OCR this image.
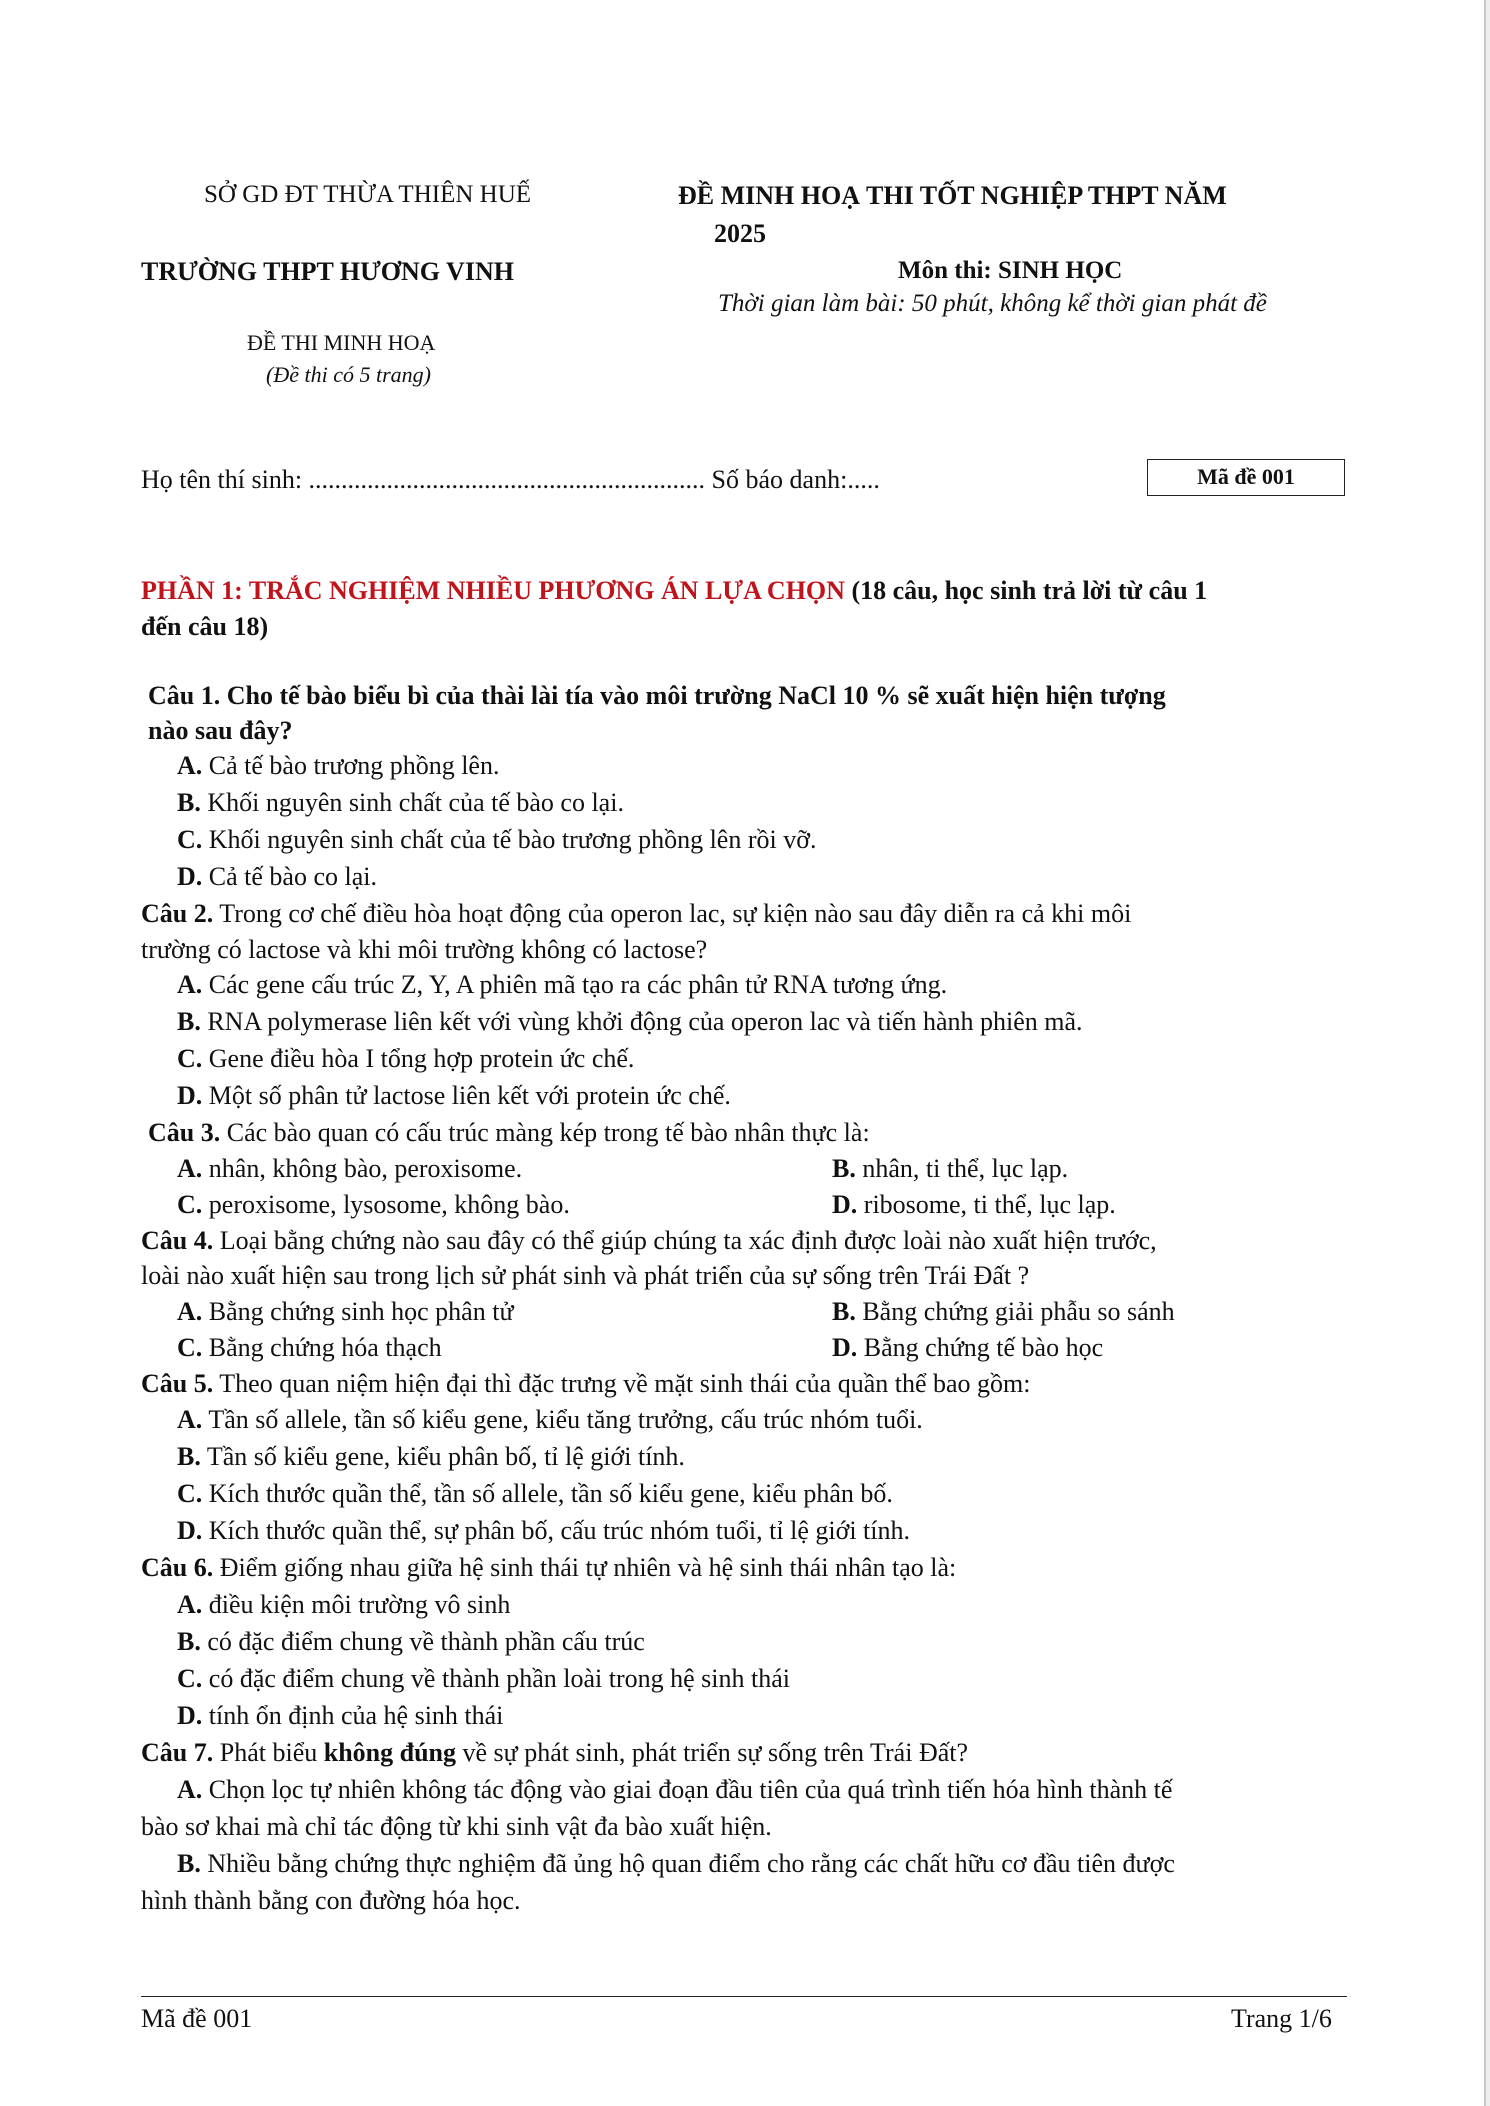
SỞ GD ĐT THỪA THIÊN HUẾ
TRƯỜNG THPT HƯƠNG VINH
ĐỀ THI MINH HOẠ
(Đề thi có 5 trang)
ĐỀ MINH HOẠ THI TỐT NGHIỆP THPT NĂM
2025
Môn thi: SINH HỌC
Thời gian làm bài: 50 phút, không kể thời gian phát đề
Họ tên thí sinh: ............................................................. Số báo danh:.....	Mã đề 001
PHẦN 1: TRẮC NGHIỆM NHIỀU PHƯƠNG ÁN LỰA CHỌN (18 câu, học sinh trả lời từ câu 1
đến câu 18)
Câu 1. Cho tế bào biểu bì của thài lài tía vào môi trường NaCl 10 % sẽ xuất hiện hiện tượng
nào sau đây?
A. Cả tế bào trương phồng lên.
B. Khối nguyên sinh chất của tế bào co lại.
C. Khối nguyên sinh chất của tế bào trương phồng lên rồi vỡ.
D. Cả tế bào co lại.
Câu 2. Trong cơ chế điều hòa hoạt động của operon lac, sự kiện nào sau đây diễn ra cả khi môi
trường có lactose và khi môi trường không có lactose?
A. Các gene cấu trúc Z, Y, A phiên mã tạo ra các phân tử RNA tương ứng.
B. RNA polymerase liên kết với vùng khởi động của operon lac và tiến hành phiên mã.
C. Gene điều hòa I tổng hợp protein ức chế.
D. Một số phân tử lactose liên kết với protein ức chế.
Câu 3. Các bào quan có cấu trúc màng kép trong tế bào nhân thực là:
A. nhân, không bào, peroxisome.	B. nhân, ti thể, lục lạp.
C. peroxisome, lysosome, không bào.	D. ribosome, ti thể, lục lạp.
Câu 4. Loại bằng chứng nào sau đây có thể giúp chúng ta xác định được loài nào xuất hiện trước,
loài nào xuất hiện sau trong lịch sử phát sinh và phát triển của sự sống trên Trái Đất ?
A. Bằng chứng sinh học phân tử	B. Bằng chứng giải phẫu so sánh
C. Bằng chứng hóa thạch	D. Bằng chứng tế bào học
Câu 5. Theo quan niệm hiện đại thì đặc trưng về mặt sinh thái của quần thể bao gồm:
A. Tần số allele, tần số kiểu gene, kiểu tăng trưởng, cấu trúc nhóm tuổi.
B. Tần số kiểu gene, kiểu phân bố, tỉ lệ giới tính.
C. Kích thước quần thể, tần số allele, tần số kiểu gene, kiểu phân bố.
D. Kích thước quần thể, sự phân bố, cấu trúc nhóm tuổi, tỉ lệ giới tính.
Câu 6. Điểm giống nhau giữa hệ sinh thái tự nhiên và hệ sinh thái nhân tạo là:
A. điều kiện môi trường vô sinh
B. có đặc điểm chung về thành phần cấu trúc
C. có đặc điểm chung về thành phần loài trong hệ sinh thái
D. tính ổn định của hệ sinh thái
Câu 7. Phát biểu không đúng về sự phát sinh, phát triển sự sống trên Trái Đất?
A. Chọn lọc tự nhiên không tác động vào giai đoạn đầu tiên của quá trình tiến hóa hình thành tế
bào sơ khai mà chỉ tác động từ khi sinh vật đa bào xuất hiện.
B. Nhiều bằng chứng thực nghiệm đã ủng hộ quan điểm cho rằng các chất hữu cơ đầu tiên được
hình thành bằng con đường hóa học.
Mã đề 001	Trang 1/6
